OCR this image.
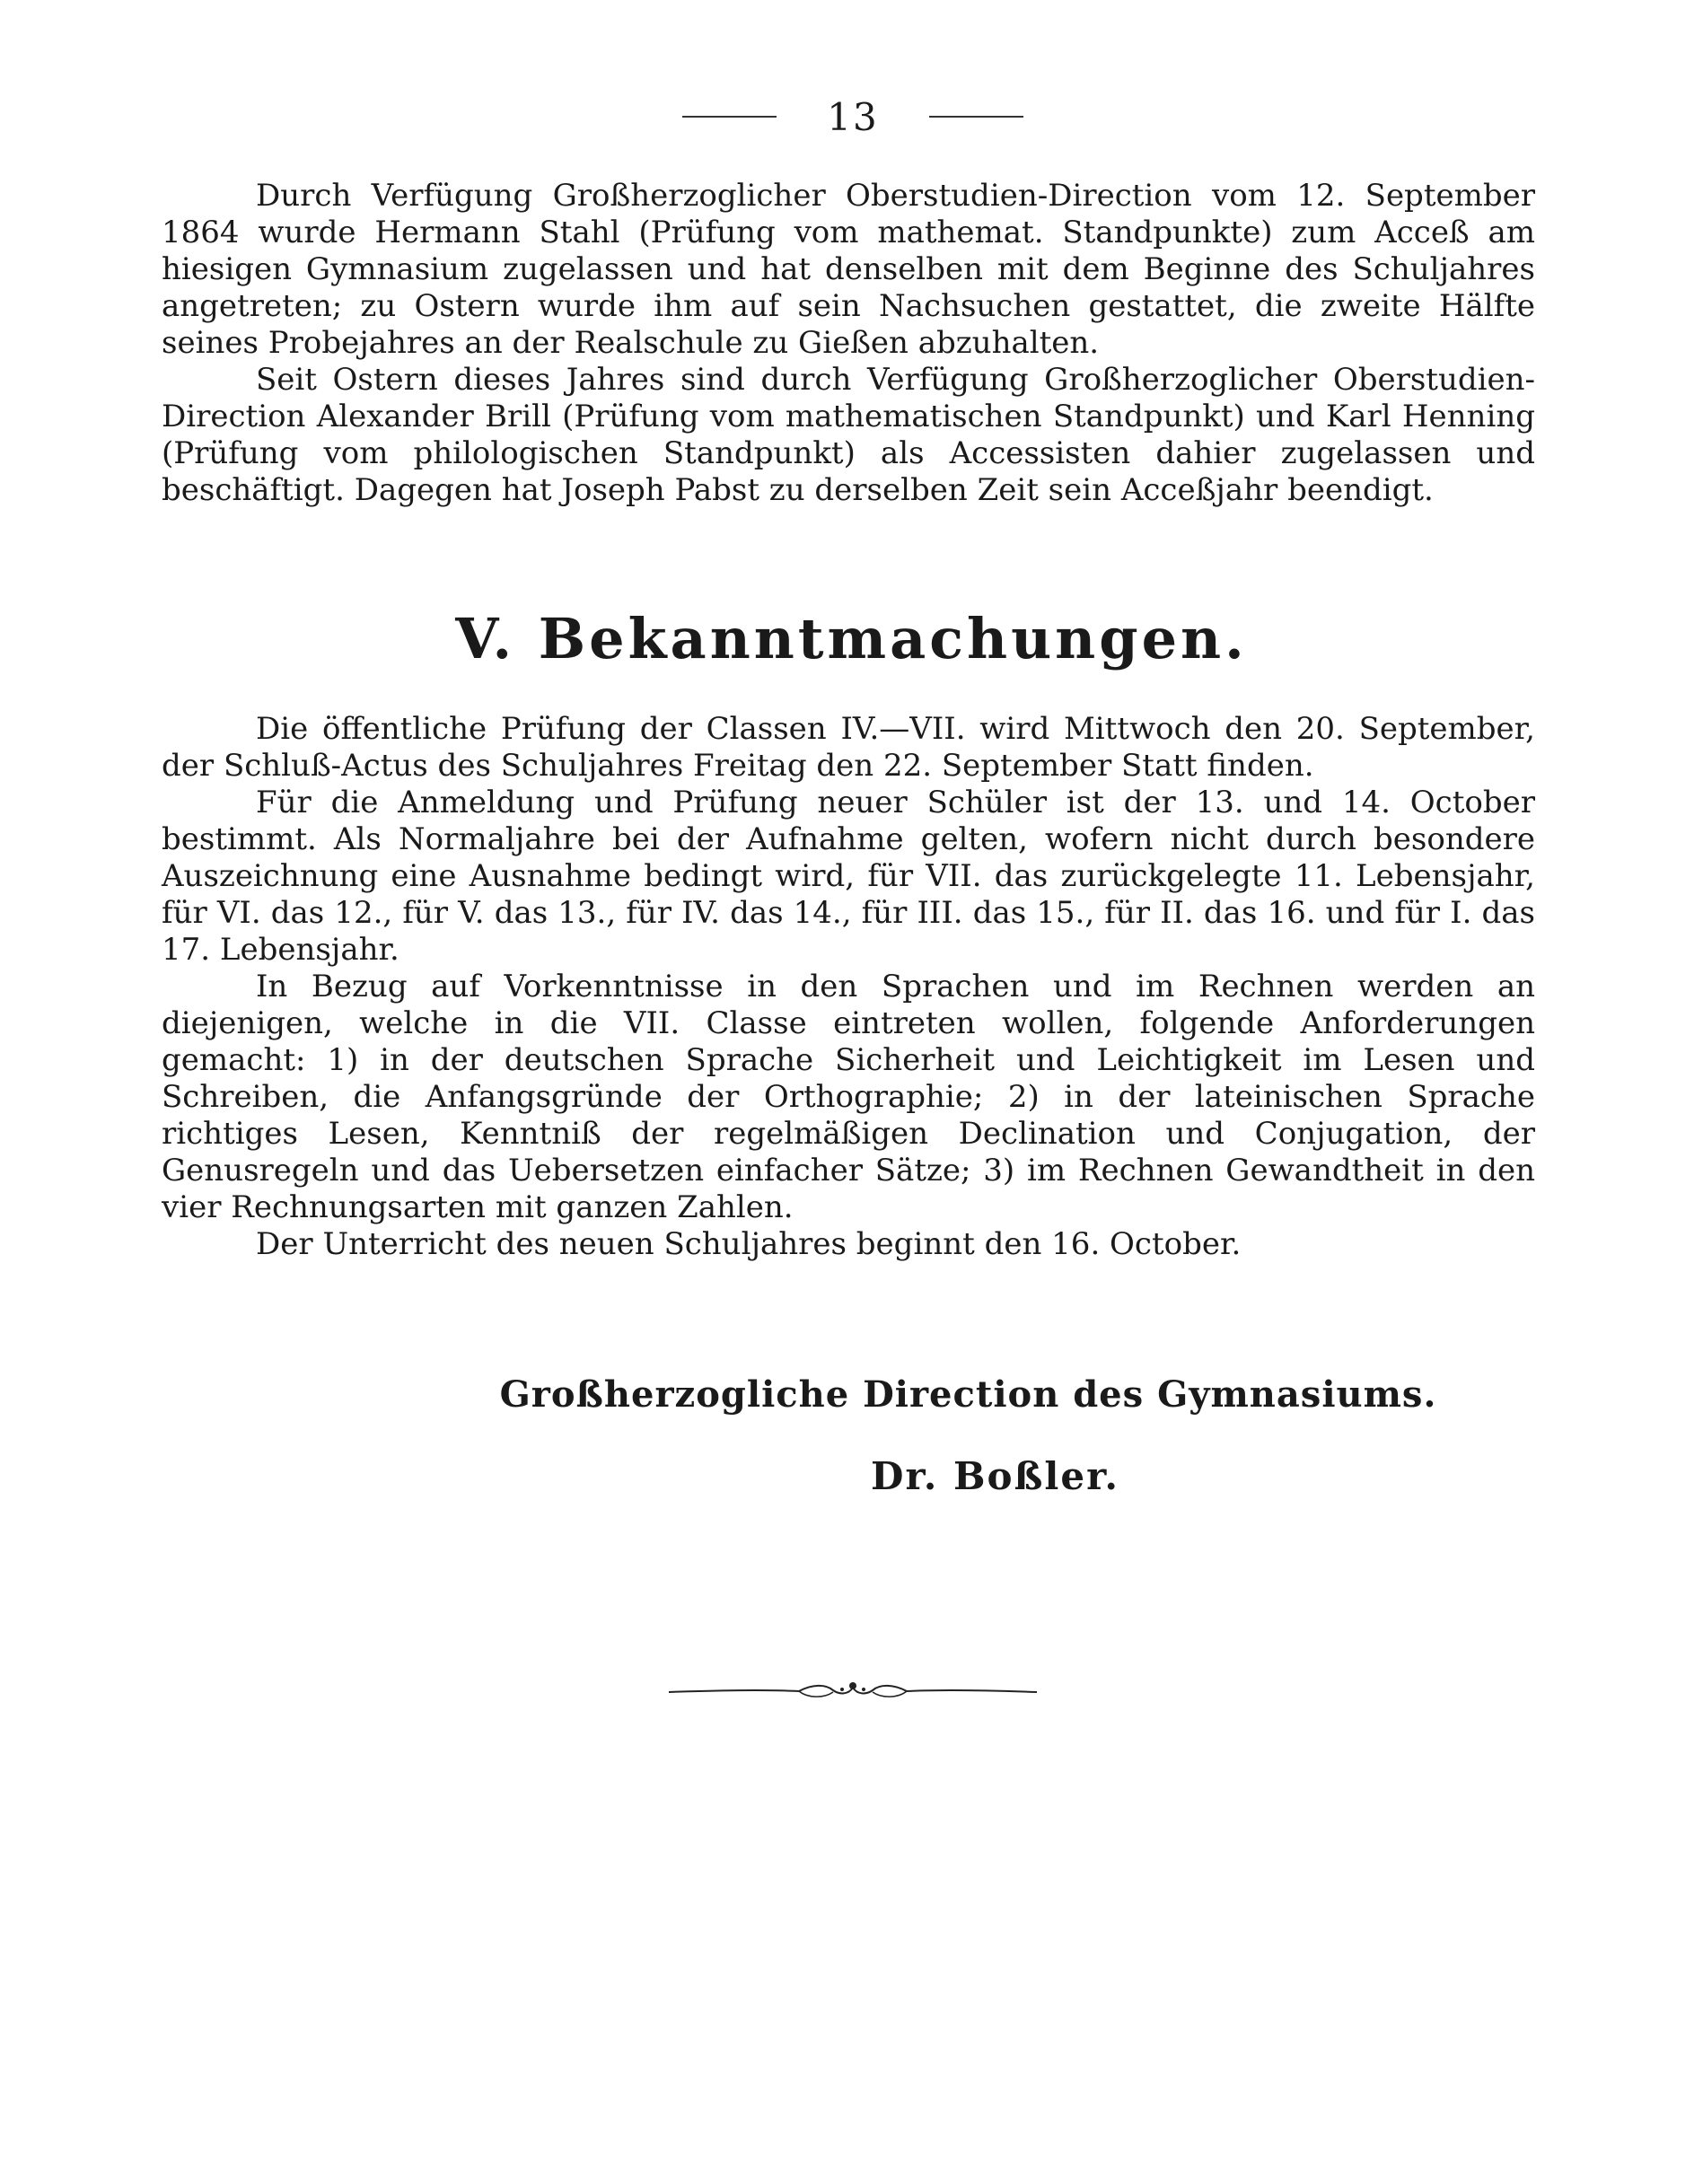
13

Durch Verfügung Großherzoglicher Oberstudien-Direction vom 12. September 1864 wurde Hermann Stahl (Prüfung vom mathemat. Standpunkte) zum Acceß am hiesigen Gymnasium zugelassen und hat denselben mit dem Beginne des Schuljahres angetreten; zu Ostern wurde ihm auf sein Nachsuchen gestattet, die zweite Hälfte seines Probejahres an der Realschule zu Gießen abzuhalten.

Seit Ostern dieses Jahres sind durch Verfügung Großherzoglicher Oberstudien-Direction Alexander Brill (Prüfung vom mathematischen Standpunkt) und Karl Henning (Prüfung vom philologischen Standpunkt) als Accessisten dahier zugelassen und beschäftigt. Dagegen hat Joseph Pabst zu derselben Zeit sein Acceßjahr beendigt.

V. Bekanntmachungen.

Die öffentliche Prüfung der Classen IV.—VII. wird Mittwoch den 20. September, der Schluß-Actus des Schuljahres Freitag den 22. September Statt finden.

Für die Anmeldung und Prüfung neuer Schüler ist der 13. und 14. October bestimmt. Als Normaljahre bei der Aufnahme gelten, wofern nicht durch besondere Auszeichnung eine Ausnahme bedingt wird, für VII. das zurückgelegte 11. Lebensjahr, für VI. das 12., für V. das 13., für IV. das 14., für III. das 15., für II. das 16. und für I. das 17. Lebensjahr.

In Bezug auf Vorkenntnisse in den Sprachen und im Rechnen werden an diejenigen, welche in die VII. Classe eintreten wollen, folgende Anforderungen gemacht: 1) in der deutschen Sprache Sicherheit und Leichtigkeit im Lesen und Schreiben, die Anfangsgründe der Orthographie; 2) in der lateinischen Sprache richtiges Lesen, Kenntniß der regelmäßigen Declination und Conjugation, der Genusregeln und das Uebersetzen einfacher Sätze; 3) im Rechnen Gewandtheit in den vier Rechnungsarten mit ganzen Zahlen.

Der Unterricht des neuen Schuljahres beginnt den 16. October.

Großherzogliche Direction des Gymnasiums.
Dr. Boßler.
